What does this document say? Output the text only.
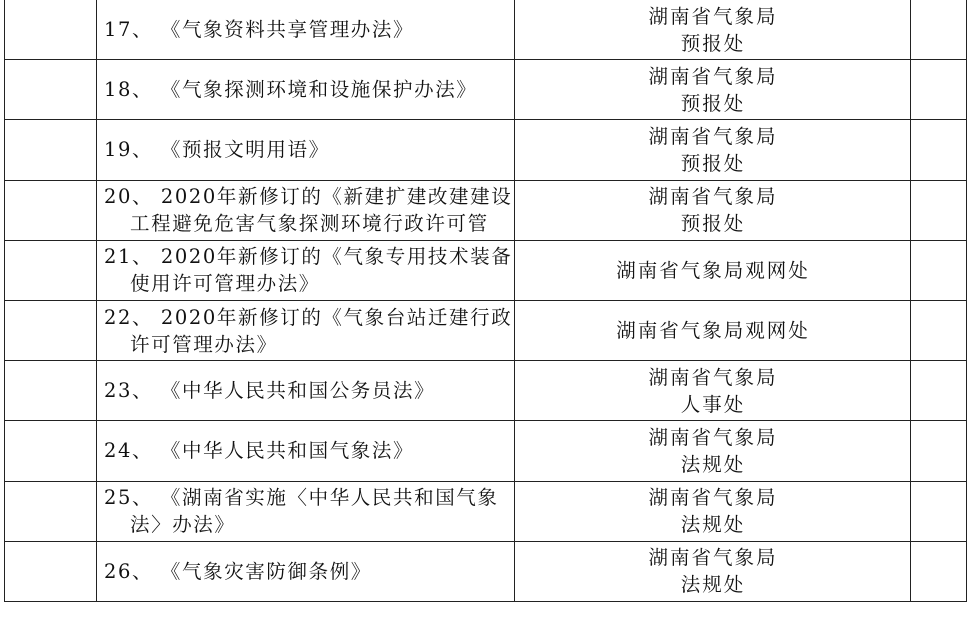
	17、 《气象资料共享管理办法》	湖南省气象局
预报处	

	18、 《气象探测环境和设施保护办法》	湖南省气象局
预报处	

	19、 《预报文明用语》	湖南省气象局
预报处	

	20、 2020年新修订的《新建扩建改建建设
工程避免危害气象探测环境行政许可管	湖南省气象局
预报处	

	21、 2020年新修订的《气象专用技术装备
使用许可管理办法》	湖南省气象局观网处	

	22、 2020年新修订的《气象台站迁建行政
许可管理办法》	湖南省气象局观网处	

	23、 《中华人民共和国公务员法》	湖南省气象局
人事处	

	24、 《中华人民共和国气象法》	湖南省气象局
法规处	

	25、 《湖南省实施〈中华人民共和国气象
法〉办法》	湖南省气象局
法规处	

	26、 《气象灾害防御条例》	湖南省气象局
法规处	
